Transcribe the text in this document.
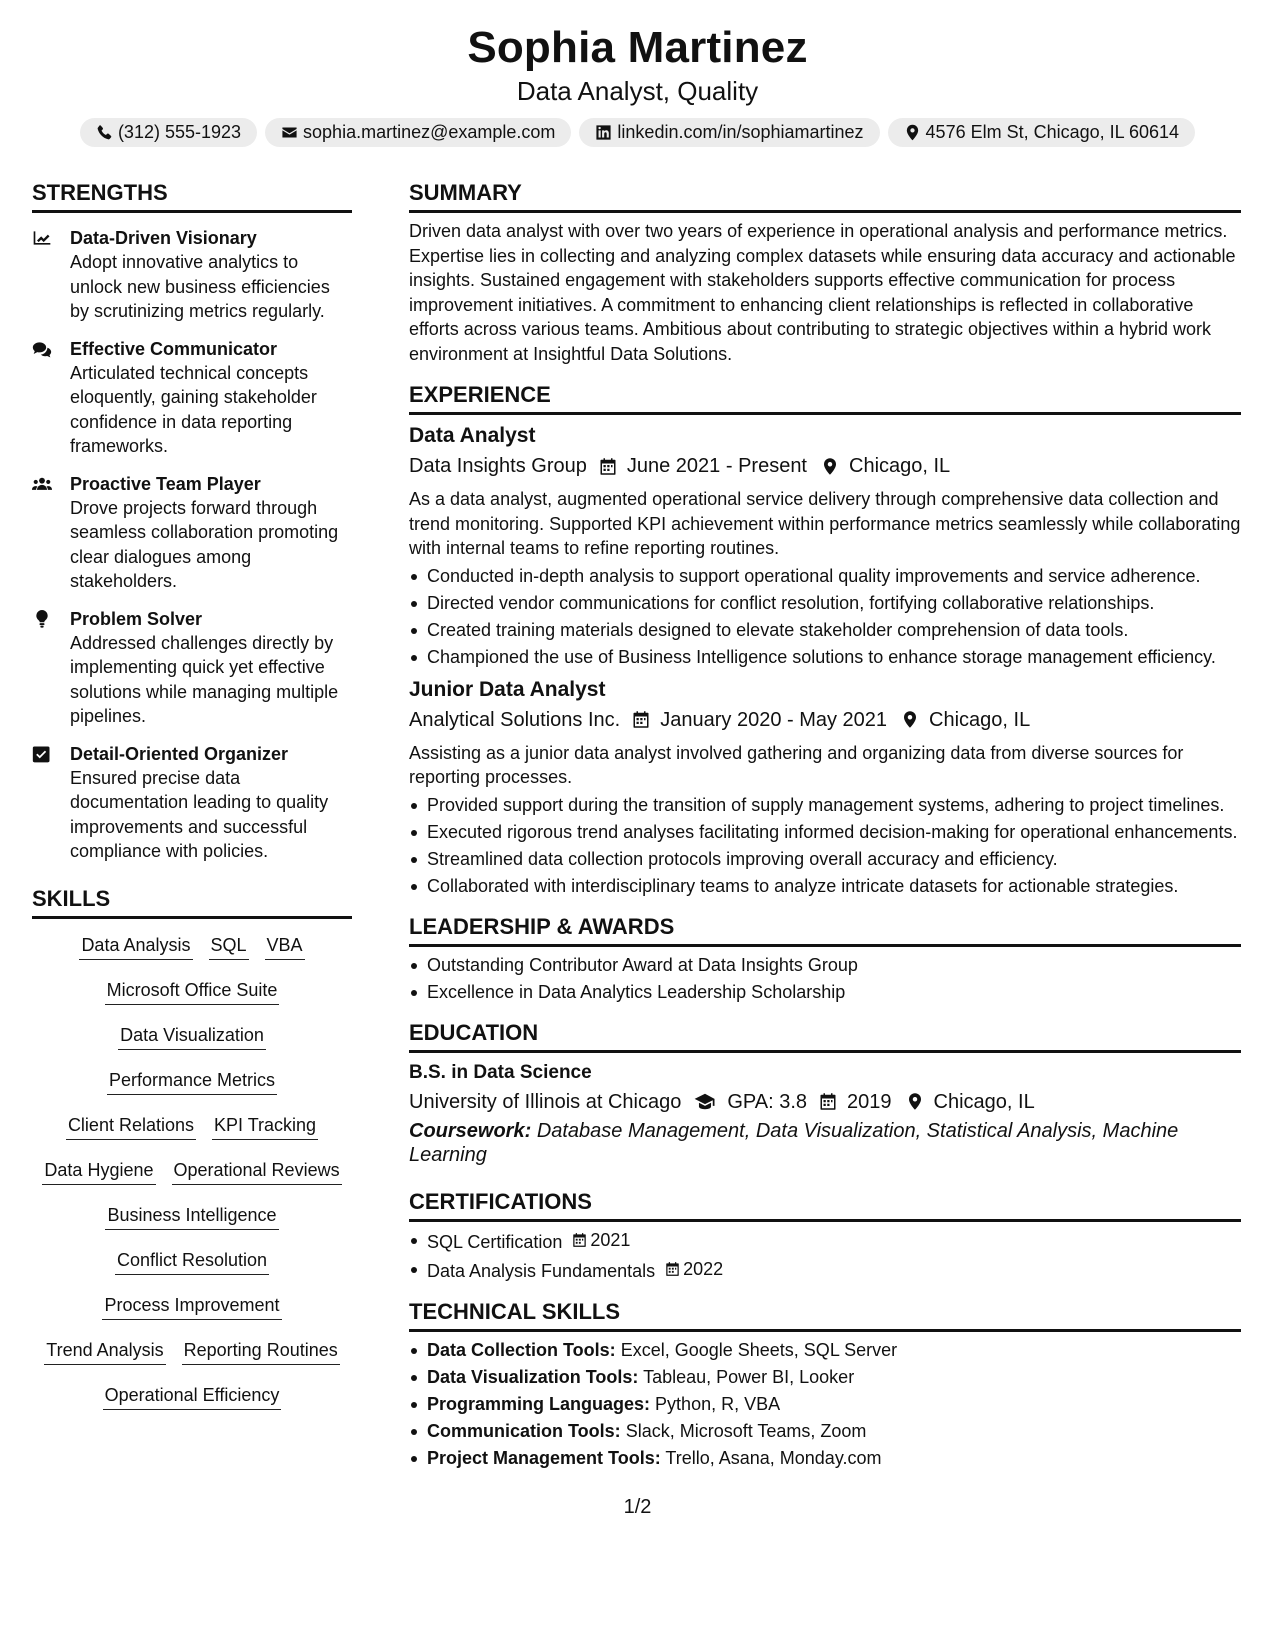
Sophia Martinez
Data Analyst, Quality
(312) 555-1923	sophia.martinez@example.com	linkedin.com/in/sophiamartinez	4576 Elm St, Chicago, IL 60614
STRENGTHS
Data-Driven Visionary
Adopt innovative analytics to unlock new business efficiencies by scrutinizing metrics regularly.
Effective Communicator
Articulated technical concepts eloquently, gaining stakeholder confidence in data reporting frameworks.
Proactive Team Player
Drove projects forward through seamless collaboration promoting clear dialogues among stakeholders.
Problem Solver
Addressed challenges directly by implementing quick yet effective solutions while managing multiple pipelines.
Detail-Oriented Organizer
Ensured precise data documentation leading to quality improvements and successful compliance with policies.
SKILLS
Data Analysis SQL VBA
Microsoft Office Suite
Data Visualization
Performance Metrics
Client Relations KPI Tracking
Data Hygiene Operational Reviews
Business Intelligence
Conflict Resolution
Process Improvement
Trend Analysis Reporting Routines
Operational Efficiency
SUMMARY
Driven data analyst with over two years of experience in operational analysis and performance metrics. Expertise lies in collecting and analyzing complex datasets while ensuring data accuracy and actionable insights. Sustained engagement with stakeholders supports effective communication for process improvement initiatives. A commitment to enhancing client relationships is reflected in collaborative efforts across various teams. Ambitious about contributing to strategic objectives within a hybrid work environment at Insightful Data Solutions.
EXPERIENCE
Data Analyst
Data Insights Group June 2021 - Present Chicago, IL
As a data analyst, augmented operational service delivery through comprehensive data collection and trend monitoring. Supported KPI achievement within performance metrics seamlessly while collaborating with internal teams to refine reporting routines.
Conducted in-depth analysis to support operational quality improvements and service adherence.
Directed vendor communications for conflict resolution, fortifying collaborative relationships.
Created training materials designed to elevate stakeholder comprehension of data tools.
Championed the use of Business Intelligence solutions to enhance storage management efficiency.
Junior Data Analyst
Analytical Solutions Inc. January 2020 - May 2021 Chicago, IL
Assisting as a junior data analyst involved gathering and organizing data from diverse sources for reporting processes.
Provided support during the transition of supply management systems, adhering to project timelines.
Executed rigorous trend analyses facilitating informed decision-making for operational enhancements.
Streamlined data collection protocols improving overall accuracy and efficiency.
Collaborated with interdisciplinary teams to analyze intricate datasets for actionable strategies.
LEADERSHIP & AWARDS
Outstanding Contributor Award at Data Insights Group
Excellence in Data Analytics Leadership Scholarship
EDUCATION
B.S. in Data Science
University of Illinois at Chicago GPA: 3.8 2019 Chicago, IL
Coursework: Database Management, Data Visualization, Statistical Analysis, Machine Learning
CERTIFICATIONS
SQL Certification 2021
Data Analysis Fundamentals 2022
TECHNICAL SKILLS
Data Collection Tools: Excel, Google Sheets, SQL Server
Data Visualization Tools: Tableau, Power BI, Looker
Programming Languages: Python, R, VBA
Communication Tools: Slack, Microsoft Teams, Zoom
Project Management Tools: Trello, Asana, Monday.com
1/2
